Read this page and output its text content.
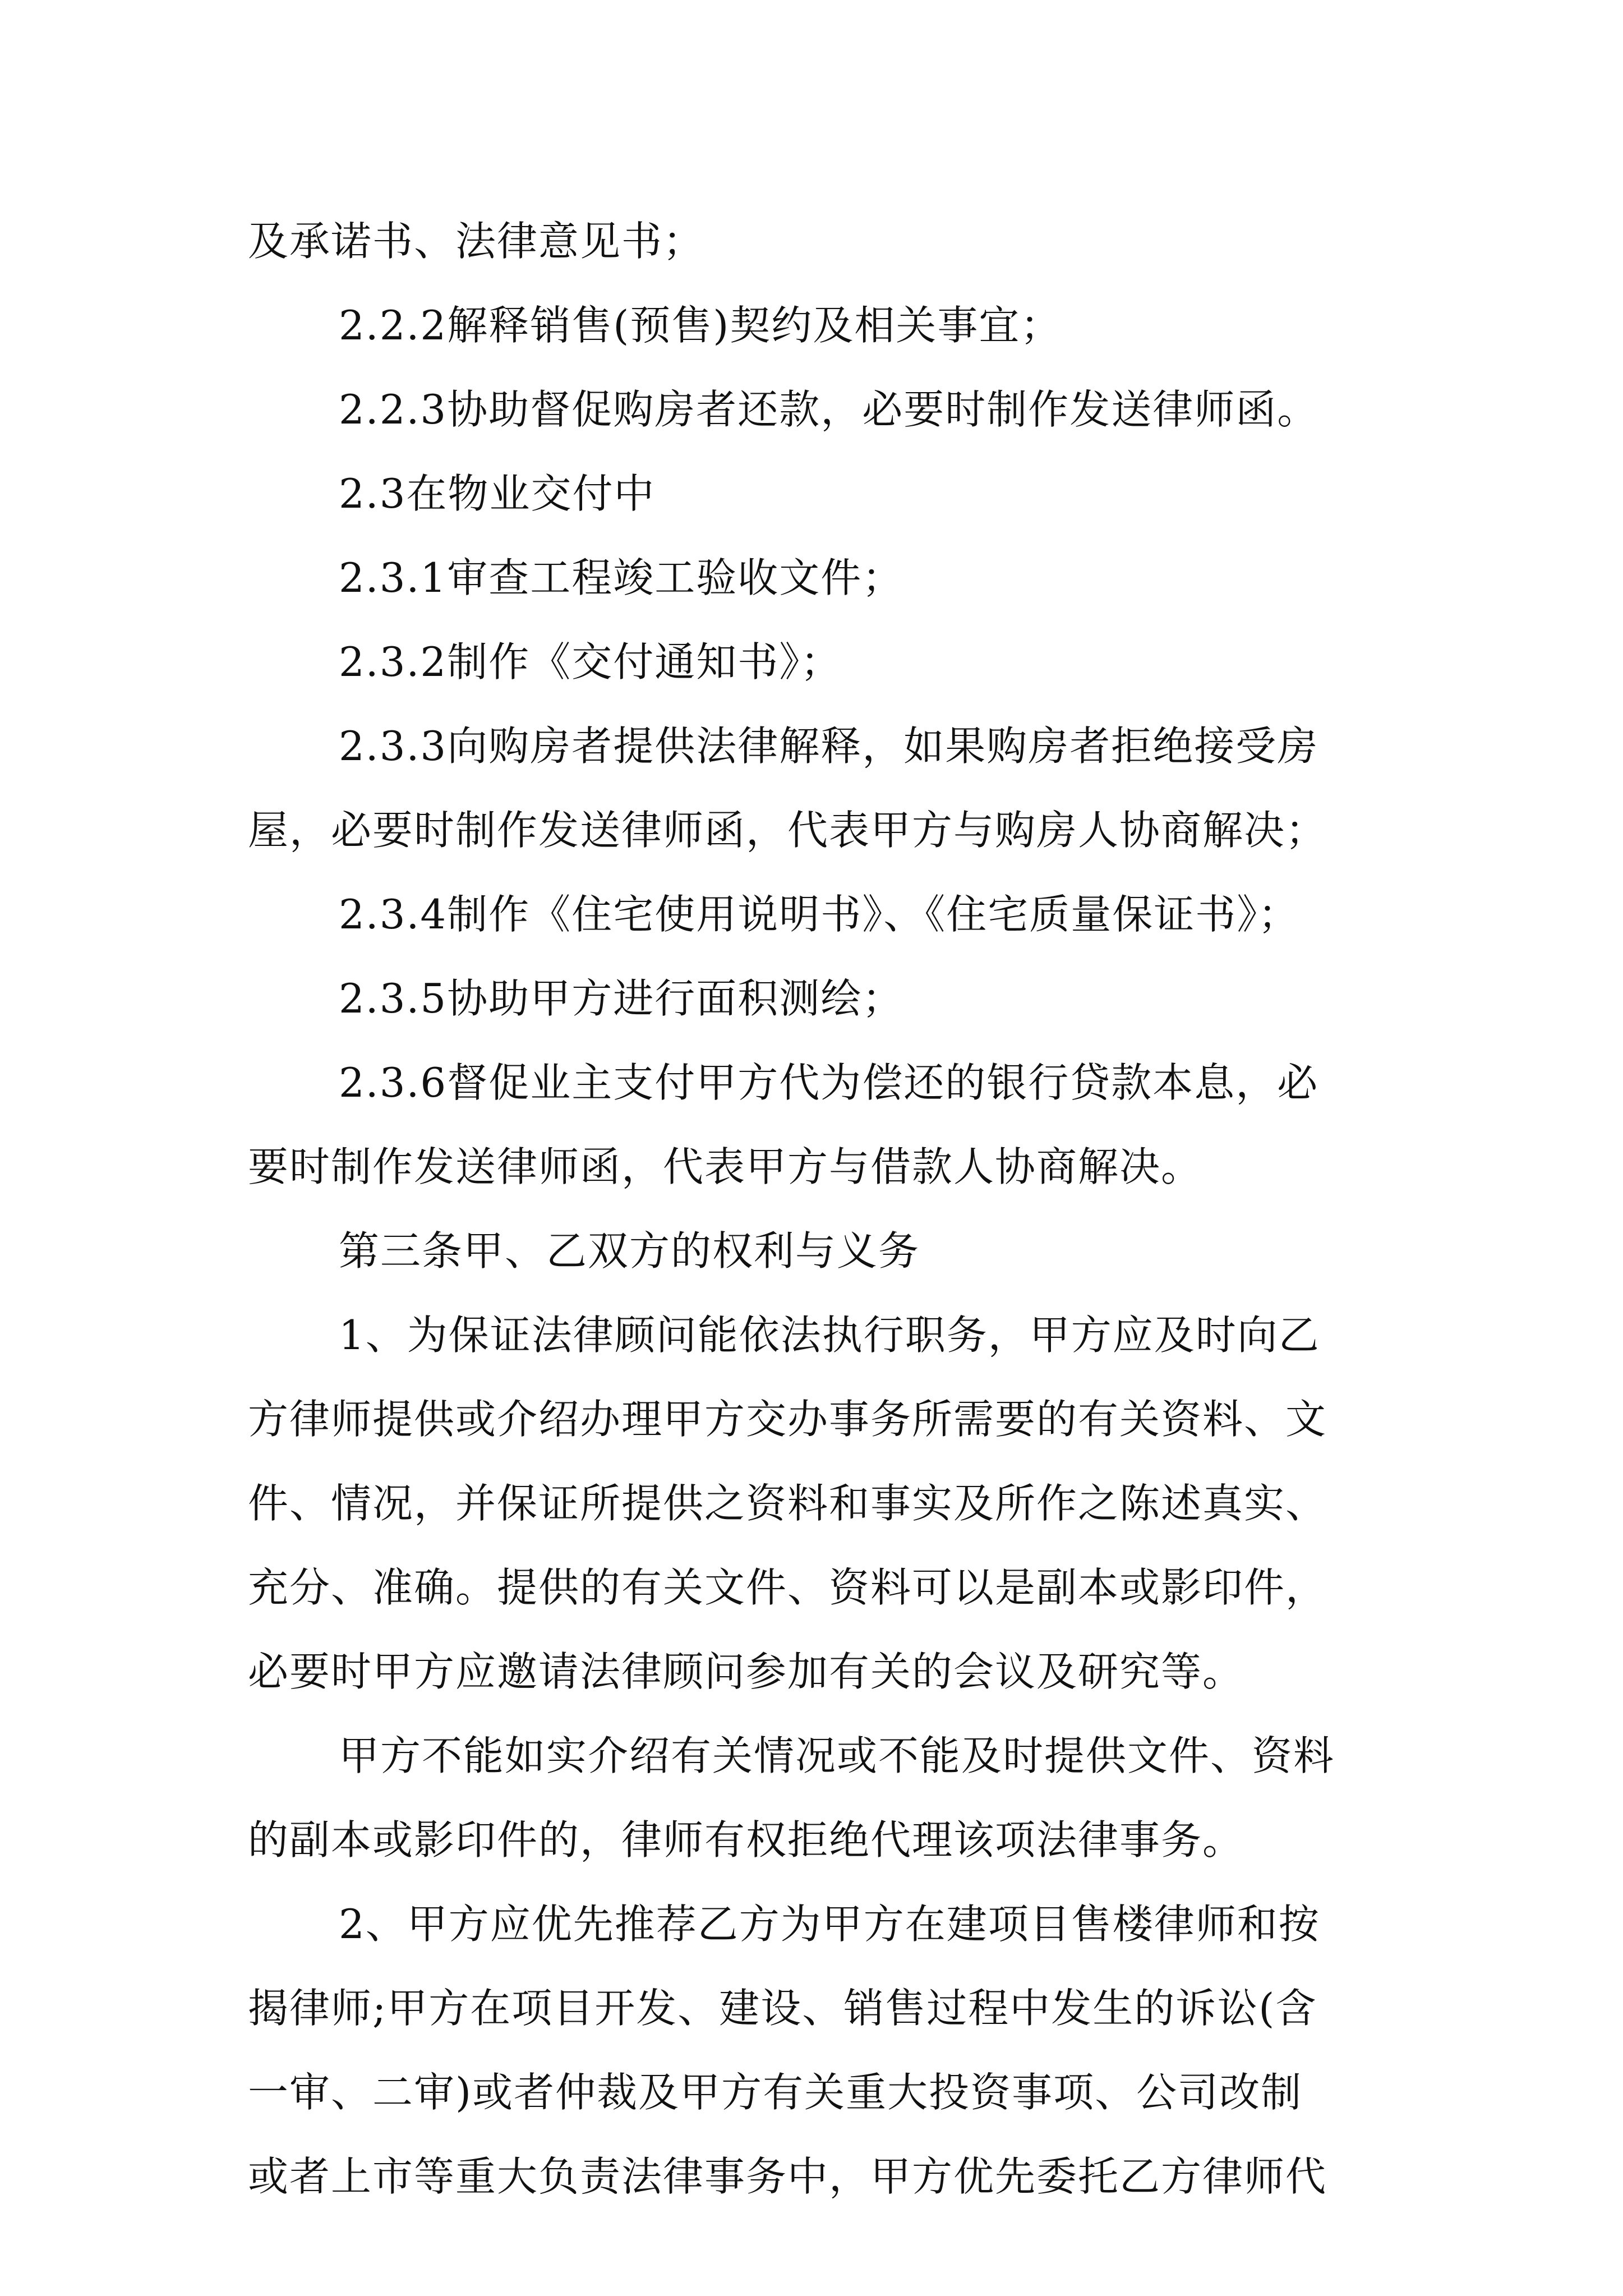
及承诺书、法律意见书；
2.2.2解释销售(预售)契约及相关事宜；
2.2.3协助督促购房者还款，必要时制作发送律师函。
2.3在物业交付中
2.3.1审查工程竣工验收文件；
2.3.2制作《交付通知书》；
2.3.3向购房者提供法律解释，如果购房者拒绝接受房
屋，必要时制作发送律师函，代表甲方与购房人协商解决；
2.3.4制作《住宅使用说明书》、《住宅质量保证书》；
2.3.5协助甲方进行面积测绘；
2.3.6督促业主支付甲方代为偿还的银行贷款本息，必
要时制作发送律师函，代表甲方与借款人协商解决。
第三条甲、乙双方的权利与义务
1、为保证法律顾问能依法执行职务，甲方应及时向乙
方律师提供或介绍办理甲方交办事务所需要的有关资料、文
件、情况，并保证所提供之资料和事实及所作之陈述真实、
充分、准确。提供的有关文件、资料可以是副本或影印件，
必要时甲方应邀请法律顾问参加有关的会议及研究等。
甲方不能如实介绍有关情况或不能及时提供文件、资料
的副本或影印件的，律师有权拒绝代理该项法律事务。
2、甲方应优先推荐乙方为甲方在建项目售楼律师和按
揭律师;甲方在项目开发、建设、销售过程中发生的诉讼(含
一审、二审)或者仲裁及甲方有关重大投资事项、公司改制
或者上市等重大负责法律事务中，甲方优先委托乙方律师代
